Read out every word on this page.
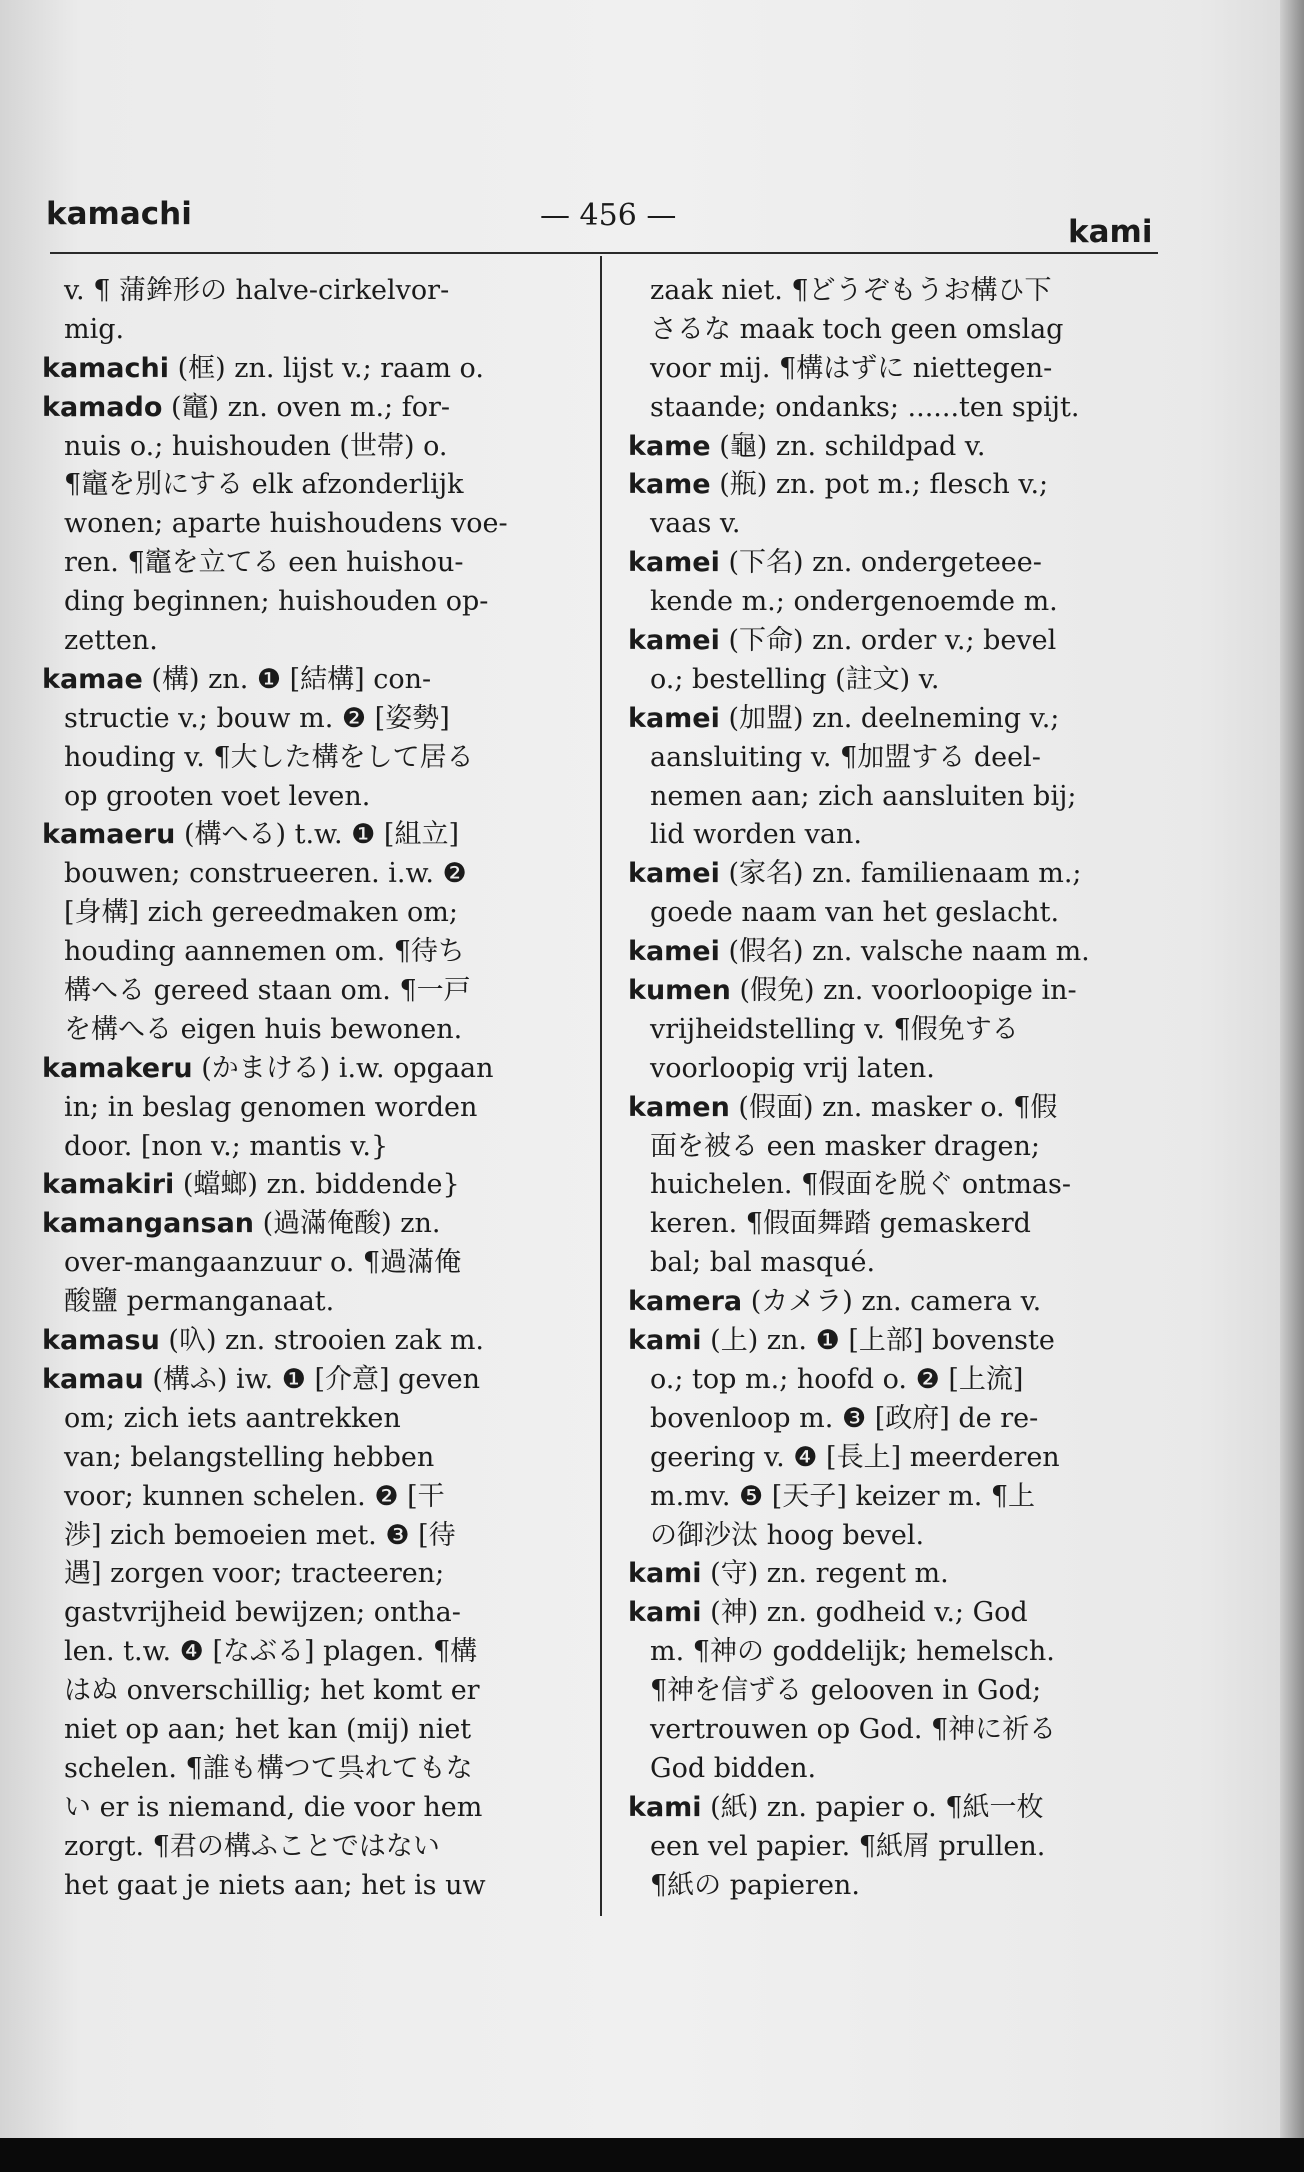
kamachi	— 456 —	kami
v. ¶ 蒲鉾形の halve-cirkelvor-
mig.
kamachi (框) zn. lijst v.; raam o.
kamado (竈) zn. oven m.; for-
nuis o.; huishouden (世帯) o.
¶竈を別にする elk afzonderlijk
wonen; aparte huishoudens voe-
ren. ¶竈を立てる een huishou-
ding beginnen; huishouden op-
zetten.
kamae (構) zn. ❶ [結構] con-
structie v.; bouw m. ❷ [姿勢]
houding v. ¶大した構をして居る
op grooten voet leven.
kamaeru (構へる) t.w. ❶ [組立]
bouwen; construeeren. i.w. ❷
[身構] zich gereedmaken om;
houding aannemen om. ¶待ち
構へる gereed staan om. ¶一戸
を構へる eigen huis bewonen.
kamakeru (かまける) i.w. opgaan
in; in beslag genomen worden
door. [non v.; mantis v.}
kamakiri (蟷螂) zn. biddende}
kamangansan (過滿俺酸) zn.
over-mangaanzuur o. ¶過滿俺
酸鹽 permanganaat.
kamasu (叺) zn. strooien zak m.
kamau (構ふ) iw. ❶ [介意] geven
om; zich iets aantrekken
van; belangstelling hebben
voor; kunnen schelen. ❷ [干
渉] zich bemoeien met. ❸ [待
遇] zorgen voor; tracteeren;
gastvrijheid bewijzen; ontha-
len. t.w. ❹ [なぶる] plagen. ¶構
はぬ onverschillig; het komt er
niet op aan; het kan (mij) niet
schelen. ¶誰も構つて呉れてもな
い er is niemand, die voor hem
zorgt. ¶君の構ふことではない
het gaat je niets aan; het is uw
zaak niet. ¶どうぞもうお構ひ下
さるな maak toch geen omslag
voor mij. ¶構はずに niettegen-
staande; ondanks; ......ten spijt.
kame (龜) zn. schildpad v.
kame (瓶) zn. pot m.; flesch v.;
vaas v.
kamei (下名) zn. ondergeteee-
kende m.; ondergenoemde m.
kamei (下命) zn. order v.; bevel
o.; bestelling (註文) v.
kamei (加盟) zn. deelneming v.;
aansluiting v. ¶加盟する deel-
nemen aan; zich aansluiten bij;
lid worden van.
kamei (家名) zn. familienaam m.;
goede naam van het geslacht.
kamei (假名) zn. valsche naam m.
kumen (假免) zn. voorloopige in-
vrijheidstelling v. ¶假免する
voorloopig vrij laten.
kamen (假面) zn. masker o. ¶假
面を被る een masker dragen;
huichelen. ¶假面を脱ぐ ontmas-
keren. ¶假面舞踏 gemaskerd
bal; bal masqué.
kamera (カメラ) zn. camera v.
kami (上) zn. ❶ [上部] bovenste
o.; top m.; hoofd o. ❷ [上流]
bovenloop m. ❸ [政府] de re-
geering v. ❹ [長上] meerderen
m.mv. ❺ [天子] keizer m. ¶上
の御沙汰 hoog bevel.
kami (守) zn. regent m.
kami (神) zn. godheid v.; God
m. ¶神の goddelijk; hemelsch.
¶神を信ずる gelooven in God;
vertrouwen op God. ¶神に祈る
God bidden.
kami (紙) zn. papier o. ¶紙一枚
een vel papier. ¶紙屑 prullen.
¶紙の papieren.
